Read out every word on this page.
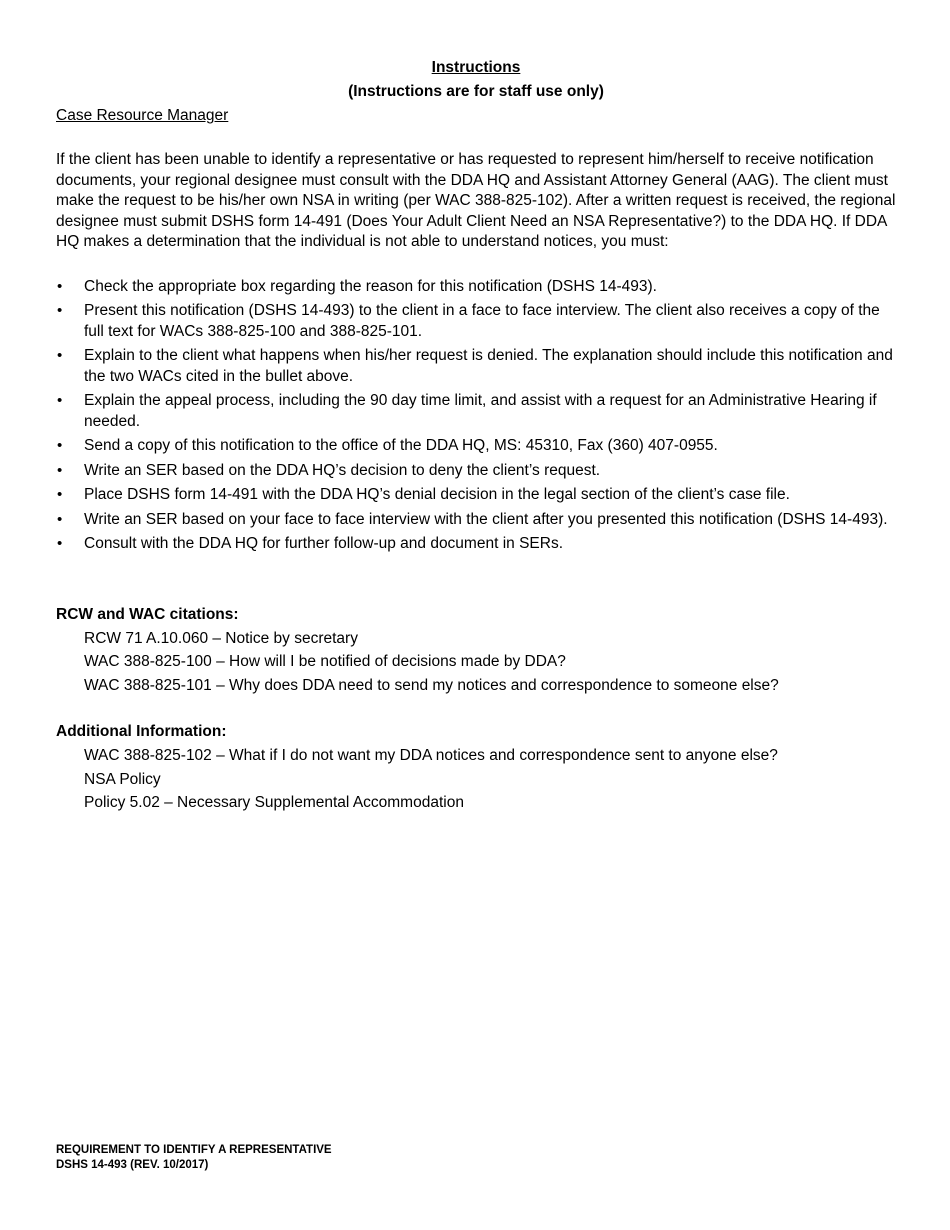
Instructions

(Instructions are for staff use only)

Case Resource Manager

If the client has been unable to identify a representative or has requested to represent him/herself to receive notification documents, your regional designee must consult with the DDA HQ and Assistant Attorney General (AAG). The client must make the request to be his/her own NSA in writing (per WAC 388-825-102). After a written request is received, the regional designee must submit DSHS form 14-491 (Does Your Adult Client Need an NSA Representative?) to the DDA HQ. If DDA HQ makes a determination that the individual is not able to understand notices, you must:

• Check the appropriate box regarding the reason for this notification (DSHS 14-493).
• Present this notification (DSHS 14-493) to the client in a face to face interview. The client also receives a copy of the full text for WACs 388-825-100 and 388-825-101.
• Explain to the client what happens when his/her request is denied. The explanation should include this notification and the two WACs cited in the bullet above.
• Explain the appeal process, including the 90 day time limit, and assist with a request for an Administrative Hearing if needed.
• Send a copy of this notification to the office of the DDA HQ, MS: 45310, Fax (360) 407-0955.
• Write an SER based on the DDA HQ’s decision to deny the client’s request.
• Place DSHS form 14-491 with the DDA HQ’s denial decision in the legal section of the client’s case file.
• Write an SER based on your face to face interview with the client after you presented this notification (DSHS 14-493).
• Consult with the DDA HQ for further follow-up and document in SERs.

RCW and WAC citations:

RCW 71 A.10.060 – Notice by secretary
WAC 388-825-100 – How will I be notified of decisions made by DDA?
WAC 388-825-101 – Why does DDA need to send my notices and correspondence to someone else?

Additional Information:

WAC 388-825-102 – What if I do not want my DDA notices and correspondence sent to anyone else?
NSA Policy
Policy 5.02 – Necessary Supplemental Accommodation
REQUIREMENT TO IDENTIFY A REPRESENTATIVE
DSHS 14-493 (REV. 10/2017)
